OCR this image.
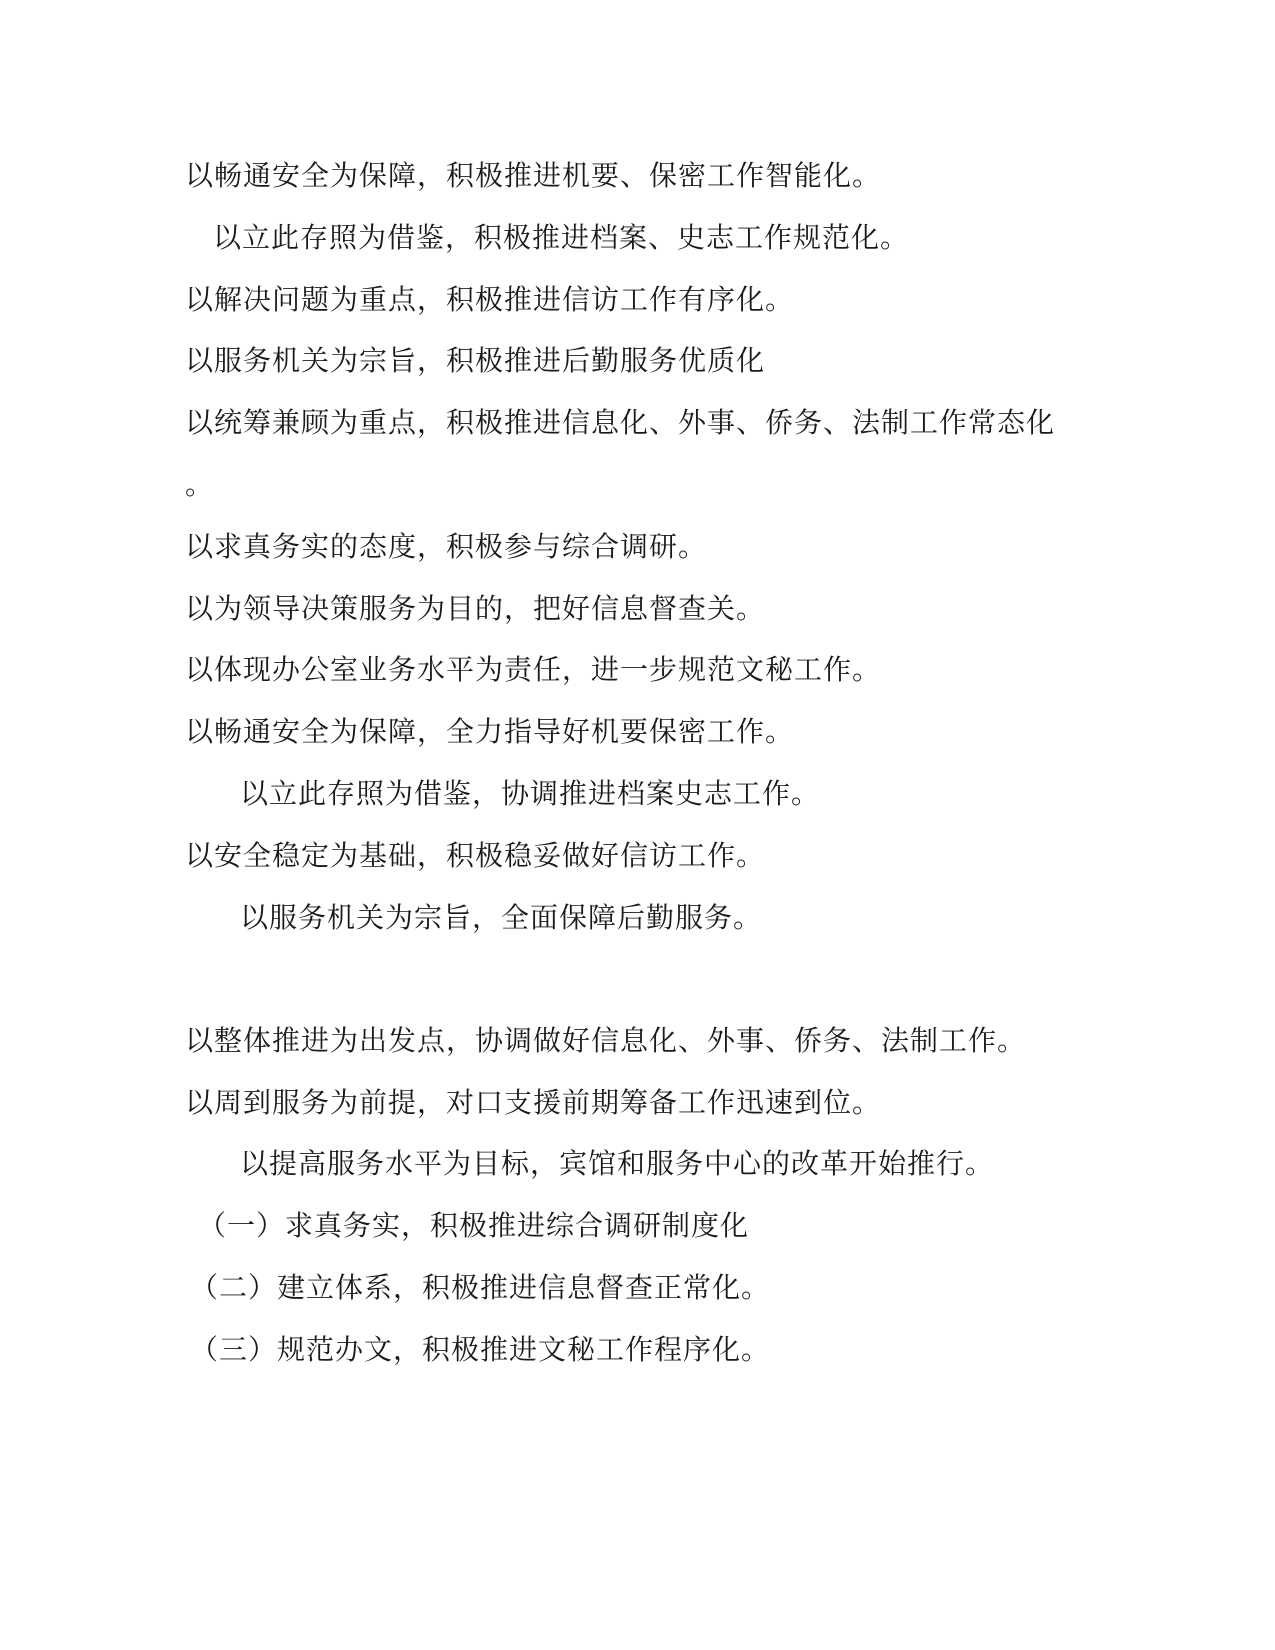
以畅通安全为保障，积极推进机要、保密工作智能化。
以立此存照为借鉴，积极推进档案、史志工作规范化。
以解决问题为重点，积极推进信访工作有序化。
以服务机关为宗旨，积极推进后勤服务优质化
以统筹兼顾为重点，积极推进信息化、外事、侨务、法制工作常态化
。
以求真务实的态度，积极参与综合调研。
以为领导决策服务为目的，把好信息督查关。
以体现办公室业务水平为责任，进一步规范文秘工作。
以畅通安全为保障，全力指导好机要保密工作。
以立此存照为借鉴，协调推进档案史志工作。
以安全稳定为基础，积极稳妥做好信访工作。
以服务机关为宗旨，全面保障后勤服务。
以整体推进为出发点，协调做好信息化、外事、侨务、法制工作。
以周到服务为前提，对口支援前期筹备工作迅速到位。
以提高服务水平为目标，宾馆和服务中心的改革开始推行。
（一）求真务实，积极推进综合调研制度化
（二）建立体系，积极推进信息督查正常化。
（三）规范办文，积极推进文秘工作程序化。
